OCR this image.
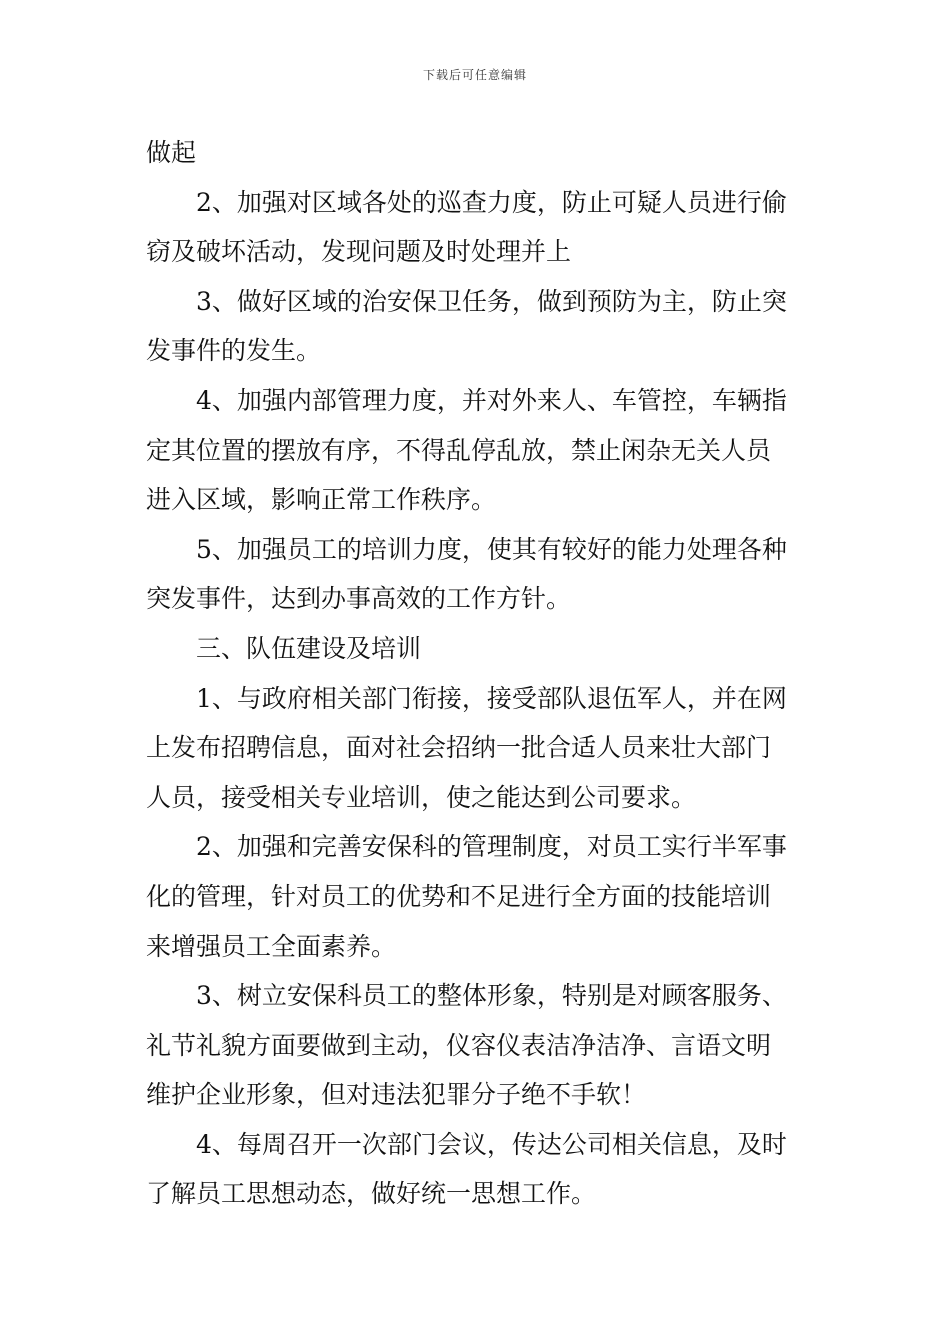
下载后可任意编辑
做起
2、加强对区域各处的巡查力度，防止可疑人员进行偷
窃及破坏活动，发现问题及时处理并上
3、做好区域的治安保卫任务，做到预防为主，防止突
发事件的发生。
4、加强内部管理力度，并对外来人、车管控，车辆指
定其位置的摆放有序，不得乱停乱放，禁止闲杂无关人员
进入区域，影响正常工作秩序。
5、加强员工的培训力度，使其有较好的能力处理各种
突发事件，达到办事高效的工作方针。
三、队伍建设及培训
1、与政府相关部门衔接，接受部队退伍军人，并在网
上发布招聘信息，面对社会招纳一批合适人员来壮大部门
人员，接受相关专业培训，使之能达到公司要求。
2、加强和完善安保科的管理制度，对员工实行半军事
化的管理，针对员工的优势和不足进行全方面的技能培训
来增强员工全面素养。
3、树立安保科员工的整体形象，特别是对顾客服务、
礼节礼貌方面要做到主动，仪容仪表洁净洁净、言语文明
维护企业形象，但对违法犯罪分子绝不手软！
4、每周召开一次部门会议，传达公司相关信息，及时
了解员工思想动态，做好统一思想工作。
